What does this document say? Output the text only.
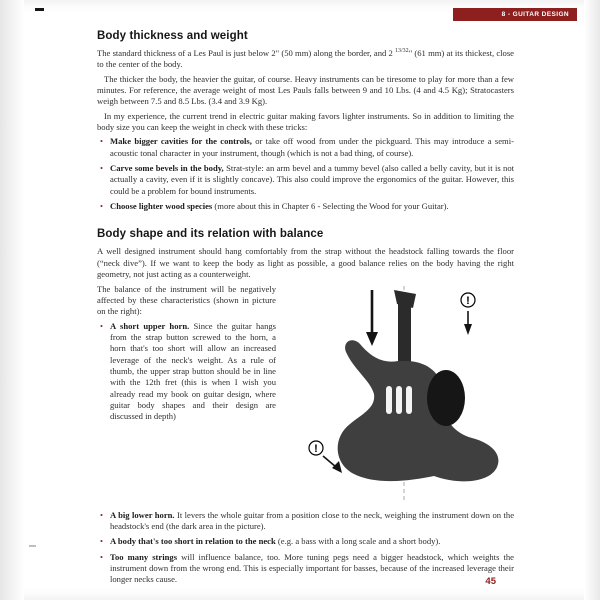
8 - GUITAR DESIGN
Body thickness and weight

The standard thickness of a Les Paul is just below 2" (50 mm) along the border, and 2 $^{13/32}$" (61 mm) at its thickest, close to the center of the body.

The thicker the body, the heavier the guitar, of course. Heavy instruments can be tiresome to play for more than a few minutes. For reference, the average weight of most Les Pauls falls between 9 and 10 Lbs. (4 and 4.5 Kg); Stratocasters weigh between 7.5 and 8.5 Lbs. (3.4 and 3.9 Kg).

In my experience, the current trend in electric guitar making favors lighter instruments. So in addition to limiting the body size you can keep the weight in check with these tricks:

• Make bigger cavities for the controls, or take off wood from under the pickguard. This may introduce a semi-acoustic tonal character in your instrument, though (which is not a bad thing, of course).
• Carve some bevels in the body, Strat-style: an arm bevel and a tummy bevel (also called a belly cavity, but it is not actually a cavity, even if it is slightly concave). This also could improve the ergonomics of the guitar. However, this could be a problem for bound instruments.
• Choose lighter wood species (more about this in Chapter 6 - Selecting the Wood for your Guitar).
Body shape and its relation with balance

A well designed instrument should hang comfortably from the strap without the headstock falling towards the floor (“neck dive”). If we want to keep the body as light as possible, a good balance relies on the body having the right geometry, not just acting as a counterweight.

!
!

The balance of the instrument will be negatively affected by these characteristics (shown in picture on the right):

• A short upper horn. Since the guitar hangs from the strap button screwed to the horn, a horn that's too short will allow an increased leverage of the neck's weight. As a rule of thumb, the upper strap button should be in line with the 12th fret (this is when I wish you already read my book on guitar design, where guitar body shapes and their design are discussed in depth)
• A big lower horn. It levers the whole guitar from a position close to the neck, weighing the instrument down on the headstock's end (the dark area in the picture).
• A body that's too short in relation to the neck (e.g. a bass with a long scale and a short body).
• Too many strings will influence balance, too. More tuning pegs need a bigger headstock, which weights the instrument down from the wrong end. This is especially important for basses, because of the increased leverage their longer necks cause.	45
